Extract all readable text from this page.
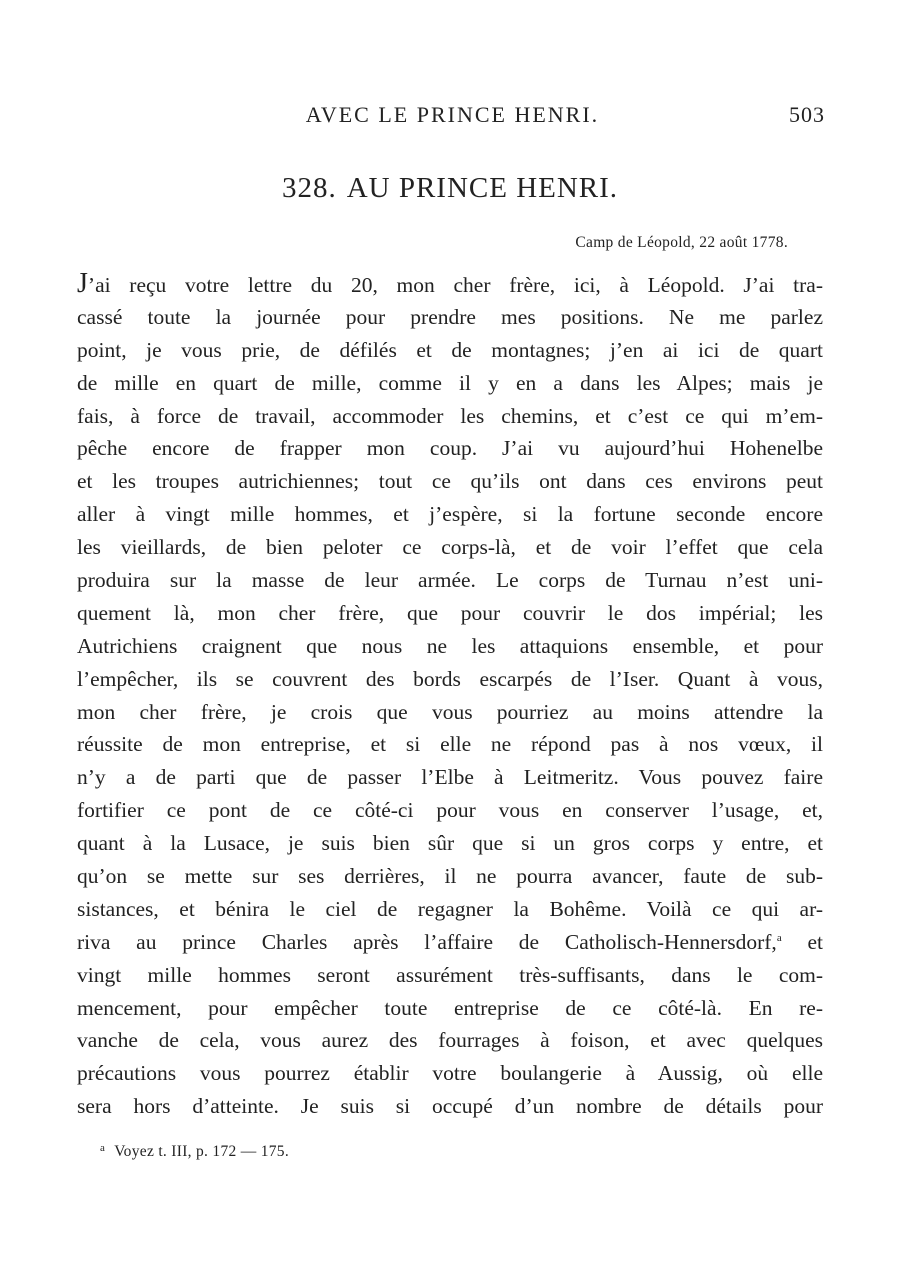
AVEC LE PRINCE HENRI.	503
328. AU PRINCE HENRI.
Camp de Léopold, 22 août 1778.
J’ai reçu votre lettre du 20, mon cher frère, ici, à Léopold. J’ai tra-
cassé toute la journée pour prendre mes positions. Ne me parlez
point, je vous prie, de défilés et de montagnes; j’en ai ici de quart
de mille en quart de mille, comme il y en a dans les Alpes; mais je
fais, à force de travail, accommoder les chemins, et c’est ce qui m’em-
pêche encore de frapper mon coup. J’ai vu aujourd’hui Hohenelbe
et les troupes autrichiennes; tout ce qu’ils ont dans ces environs peut
aller à vingt mille hommes, et j’espère, si la fortune seconde encore
les vieillards, de bien peloter ce corps-là, et de voir l’effet que cela
produira sur la masse de leur armée. Le corps de Turnau n’est uni-
quement là, mon cher frère, que pour couvrir le dos impérial; les
Autrichiens craignent que nous ne les attaquions ensemble, et pour
l’empêcher, ils se couvrent des bords escarpés de l’Iser. Quant à vous,
mon cher frère, je crois que vous pourriez au moins attendre la
réussite de mon entreprise, et si elle ne répond pas à nos vœux, il
n’y a de parti que de passer l’Elbe à Leitmeritz. Vous pouvez faire
fortifier ce pont de ce côté-ci pour vous en conserver l’usage, et,
quant à la Lusace, je suis bien sûr que si un gros corps y entre, et
qu’on se mette sur ses derrières, il ne pourra avancer, faute de sub-
sistances, et bénira le ciel de regagner la Bohême. Voilà ce qui ar-
riva au prince Charles après l’affaire de Catholisch-Hennersdorf,$^a$ et
vingt mille hommes seront assurément très-suffisants, dans le com-
mencement, pour empêcher toute entreprise de ce côté-là. En re-
vanche de cela, vous aurez des fourrages à foison, et avec quelques
précautions vous pourrez établir votre boulangerie à Aussig, où elle
sera hors d’atteinte. Je suis si occupé d’un nombre de détails pour
$^a$ Voyez t. III, p. 172 — 175.
